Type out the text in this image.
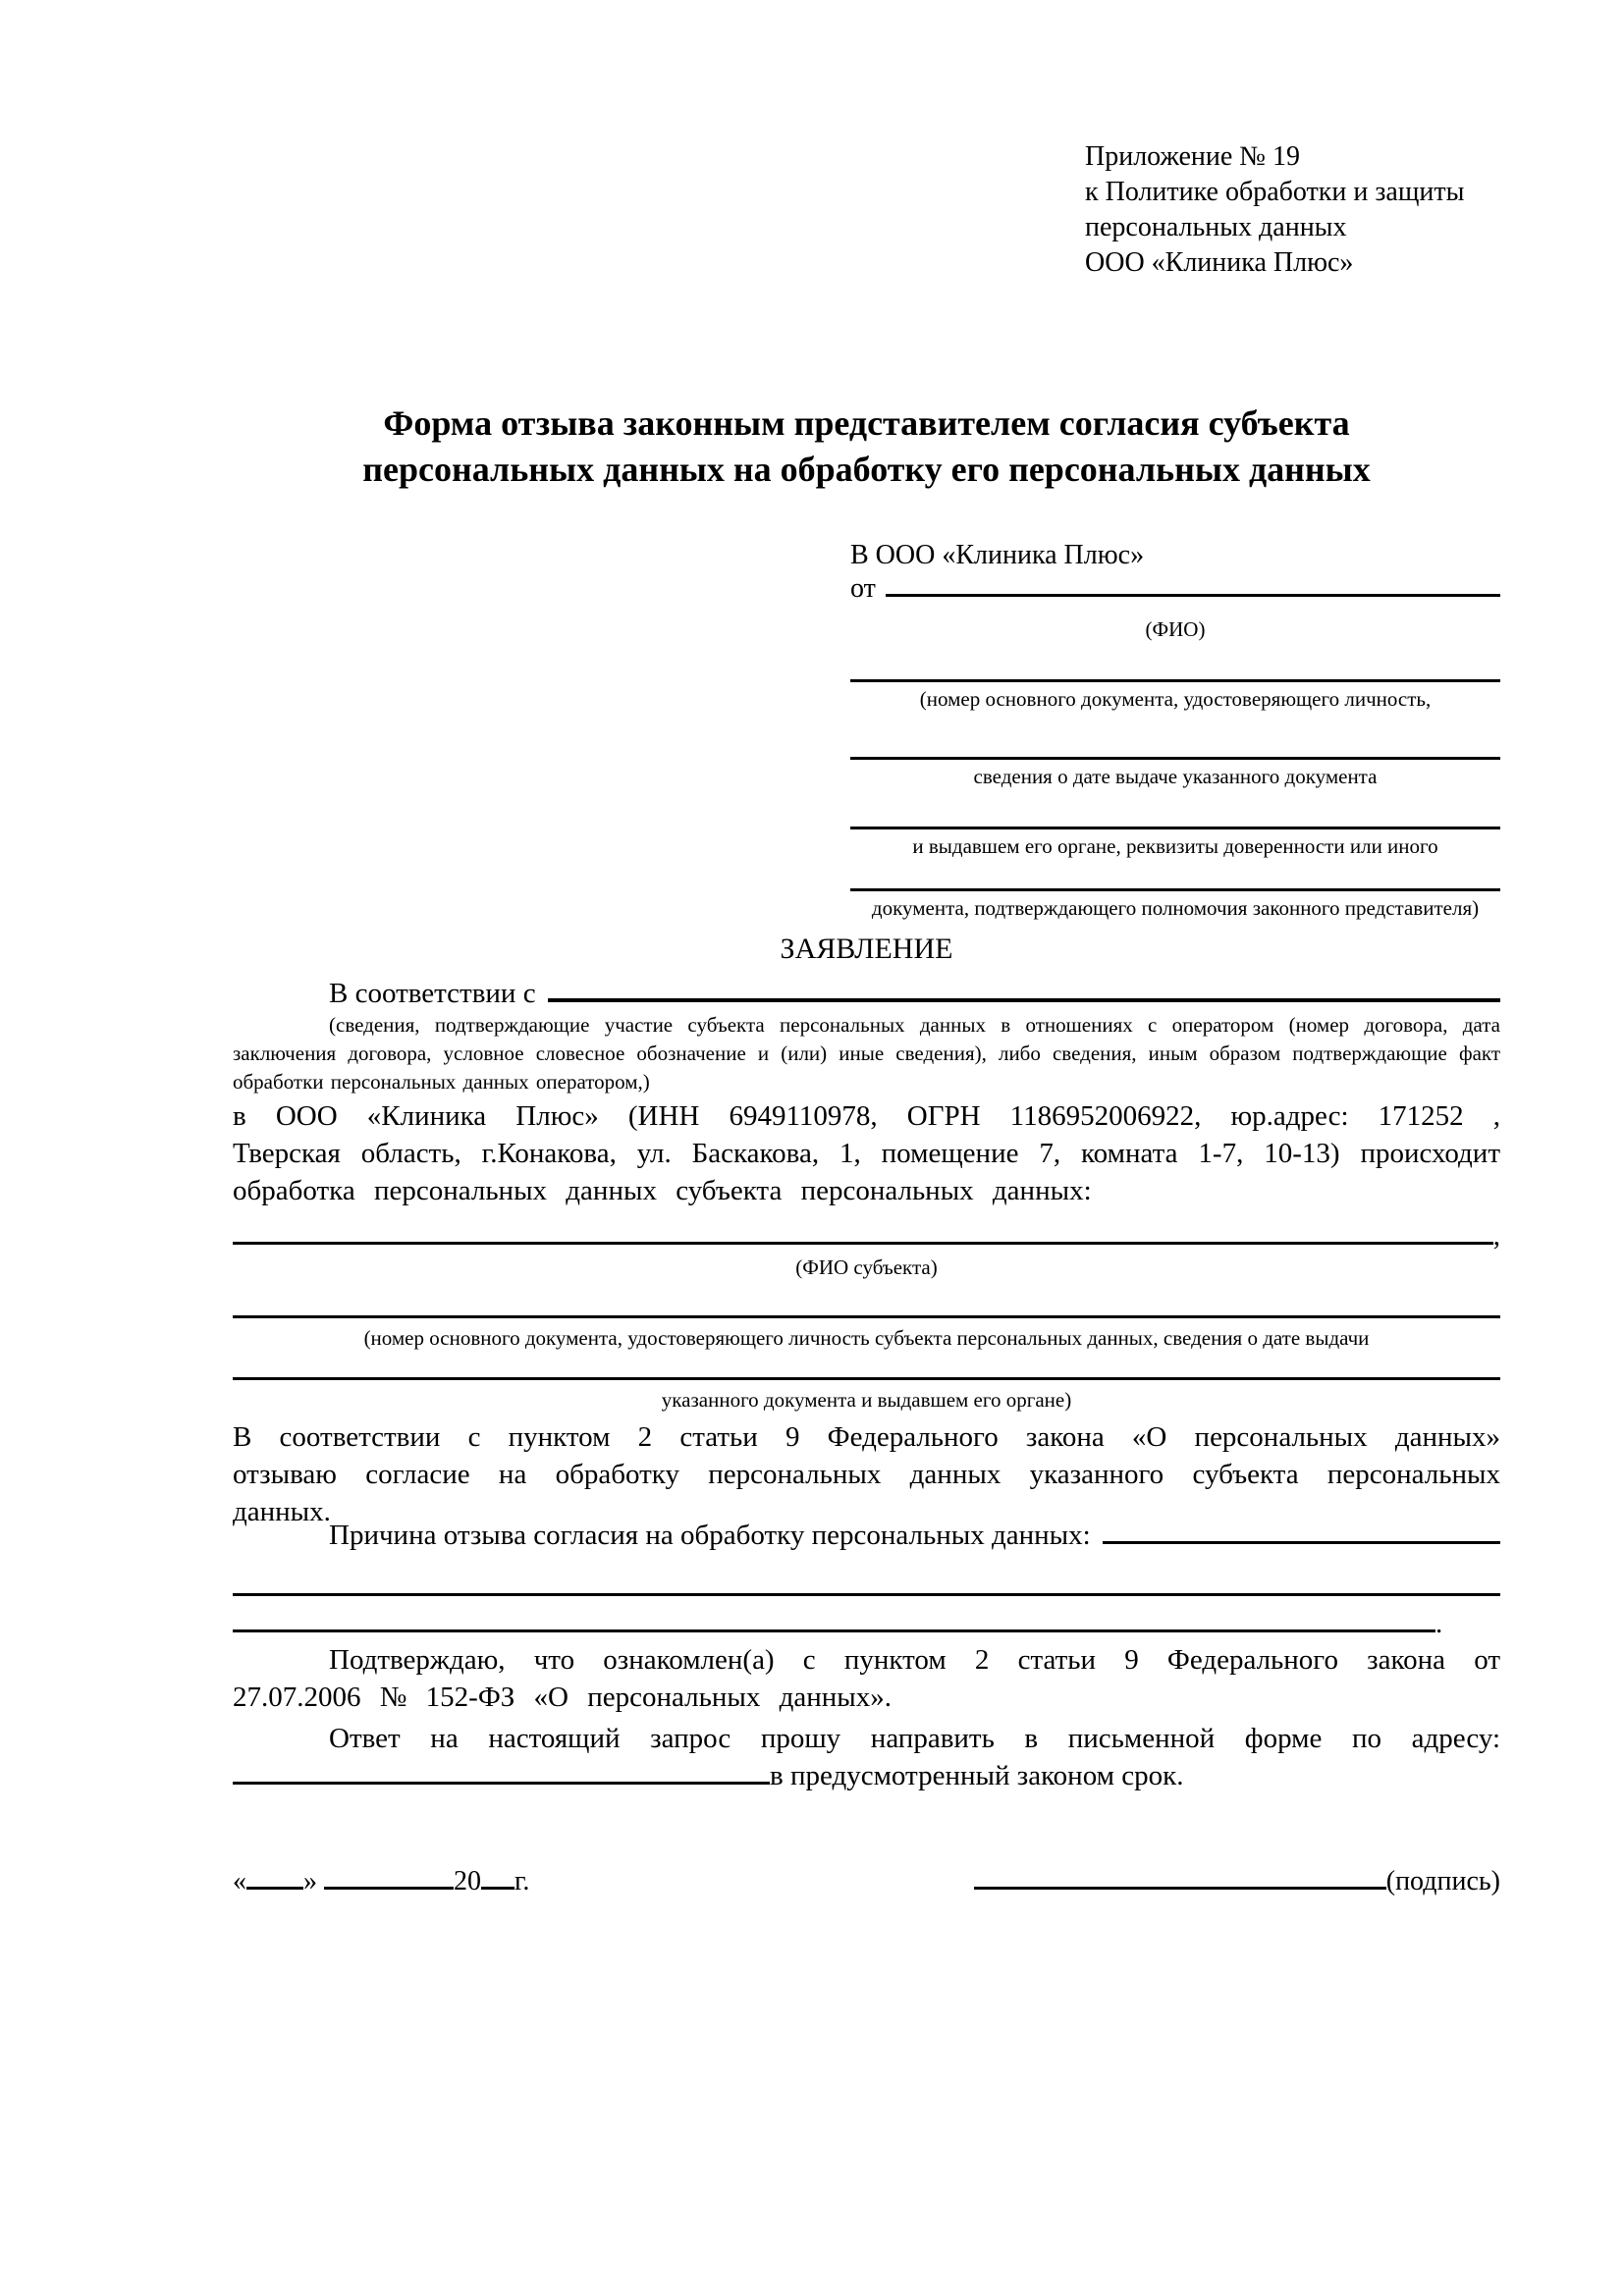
Приложение № 19
к Политике обработки и защиты
персональных данных
ООО «Клиника Плюс»
Форма отзыва законным представителем согласия субъекта
персональных данных на обработку его персональных данных
В ООО «Клиника Плюс»
от
(ФИО)
(номер основного документа, удостоверяющего личность,
сведения о дате выдаче указанного документа
и выдавшем его органе, реквизиты доверенности или иного
документа, подтверждающего полномочия законного представителя)
ЗАЯВЛЕНИЕ
В соответствии с
(сведения, подтверждающие участие субъекта персональных данных в отношениях с оператором (номер договора, дата заключения договора, условное словесное обозначение и (или) иные сведения), либо сведения, иным образом подтверждающие факт обработки персональных данных оператором,)
в ООО «Клиника Плюс» (ИНН 6949110978, ОГРН 1186952006922, юр.адрес: 171252 , Тверская область, г.Конакова, ул. Баскакова, 1, помещение 7, комната 1-7, 10-13) происходит обработка персональных данных субъекта персональных данных:
,
(ФИО субъекта)
(номер основного документа, удостоверяющего личность субъекта персональных данных, сведения о дате выдачи
указанного документа и выдавшем его органе)
В соответствии с пунктом 2 статьи 9 Федерального закона «О персональных данных» отзываю согласие на обработку персональных данных указанного субъекта персональных данных.
Причина отзыва согласия на обработку персональных данных:
.
Подтверждаю, что ознакомлен(а) с пунктом 2 статьи 9 Федерального закона от 27.07.2006 № 152-ФЗ «О персональных данных».
Ответ на настоящий запрос прошу направить в письменной форме по адресу:
в предусмотренный законом срок.
« »	20 г.	(подпись)
